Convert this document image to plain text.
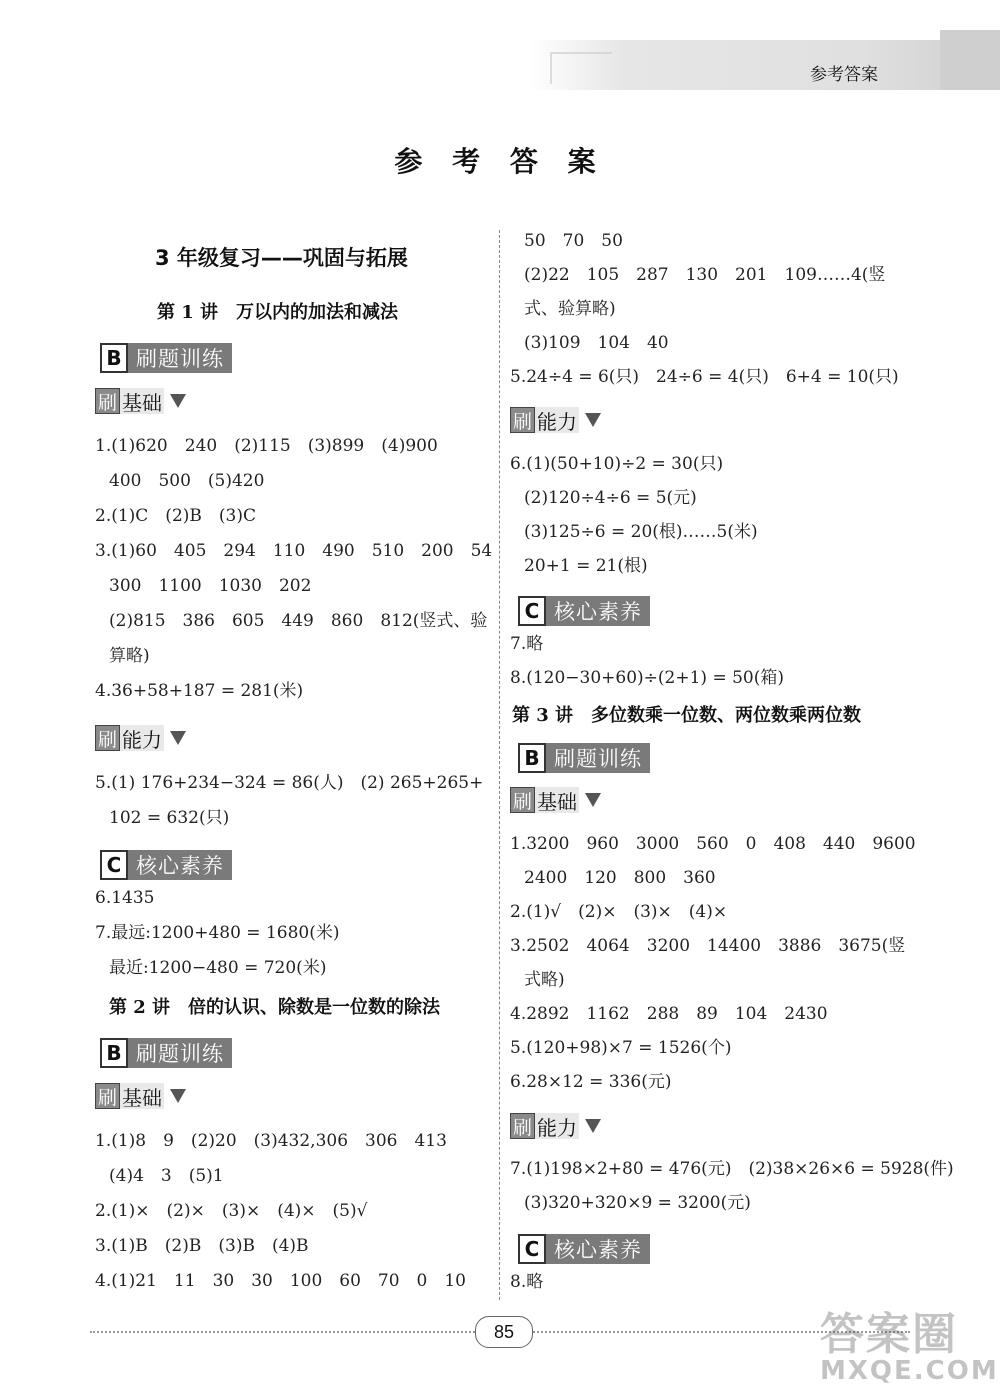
参考答案
参 考 答 案
3 年级复习——巩固与拓展
第 1 讲　万以内的加法和减法
B 刷题训练
刷 基础
1.(1)620　240　(2)115　(3)899　(4)900
400　500　(5)420
2.(1)C　(2)B　(3)C
3.(1)60　405　294　110　490　510　200　54
300　1100　1030　202
(2)815　386　605　449　860　812(竖式、验
算略)
4.36+58+187 = 281(米)
刷 能力
5.(1) 176+234−324 = 86(人)　(2) 265+265+
102 = 632(只)
C 核心素养
6.1435
7.最远:1200+480 = 1680(米)
最近:1200−480 = 720(米)
第 2 讲　倍的认识、除数是一位数的除法
B 刷题训练
刷 基础
1.(1)8　9　(2)20　(3)432,306　306　413
(4)4　3　(5)1
2.(1)×　(2)×　(3)×　(4)×　(5)√
3.(1)B　(2)B　(3)B　(4)B
4.(1)21　11　30　30　100　60　70　0　10
50　70　50
(2)22　105　287　130　201　109……4(竖
式、验算略)
(3)109　104　40
5.24÷4 = 6(只)　24÷6 = 4(只)　6+4 = 10(只)
刷 能力
6.(1)(50+10)÷2 = 30(只)
(2)120÷4÷6 = 5(元)
(3)125÷6 = 20(根)……5(米)
20+1 = 21(根)
C 核心素养
7.略
8.(120−30+60)÷(2+1) = 50(箱)
第 3 讲　多位数乘一位数、两位数乘两位数
B 刷题训练
刷 基础
1.3200　960　3000　560　0　408　440　9600
2400　120　800　360
2.(1)√　(2)×　(3)×　(4)×
3.2502　4064　3200　14400　3886　3675(竖
式略)
4.2892　1162　288　89　104　2430
5.(120+98)×7 = 1526(个)
6.28×12 = 336(元)
刷 能力
7.(1)198×2+80 = 476(元)　(2)38×26×6 = 5928(件)
(3)320+320×9 = 3200(元)
C 核心素养
8.略
85	答案圈
MXQE.COM
